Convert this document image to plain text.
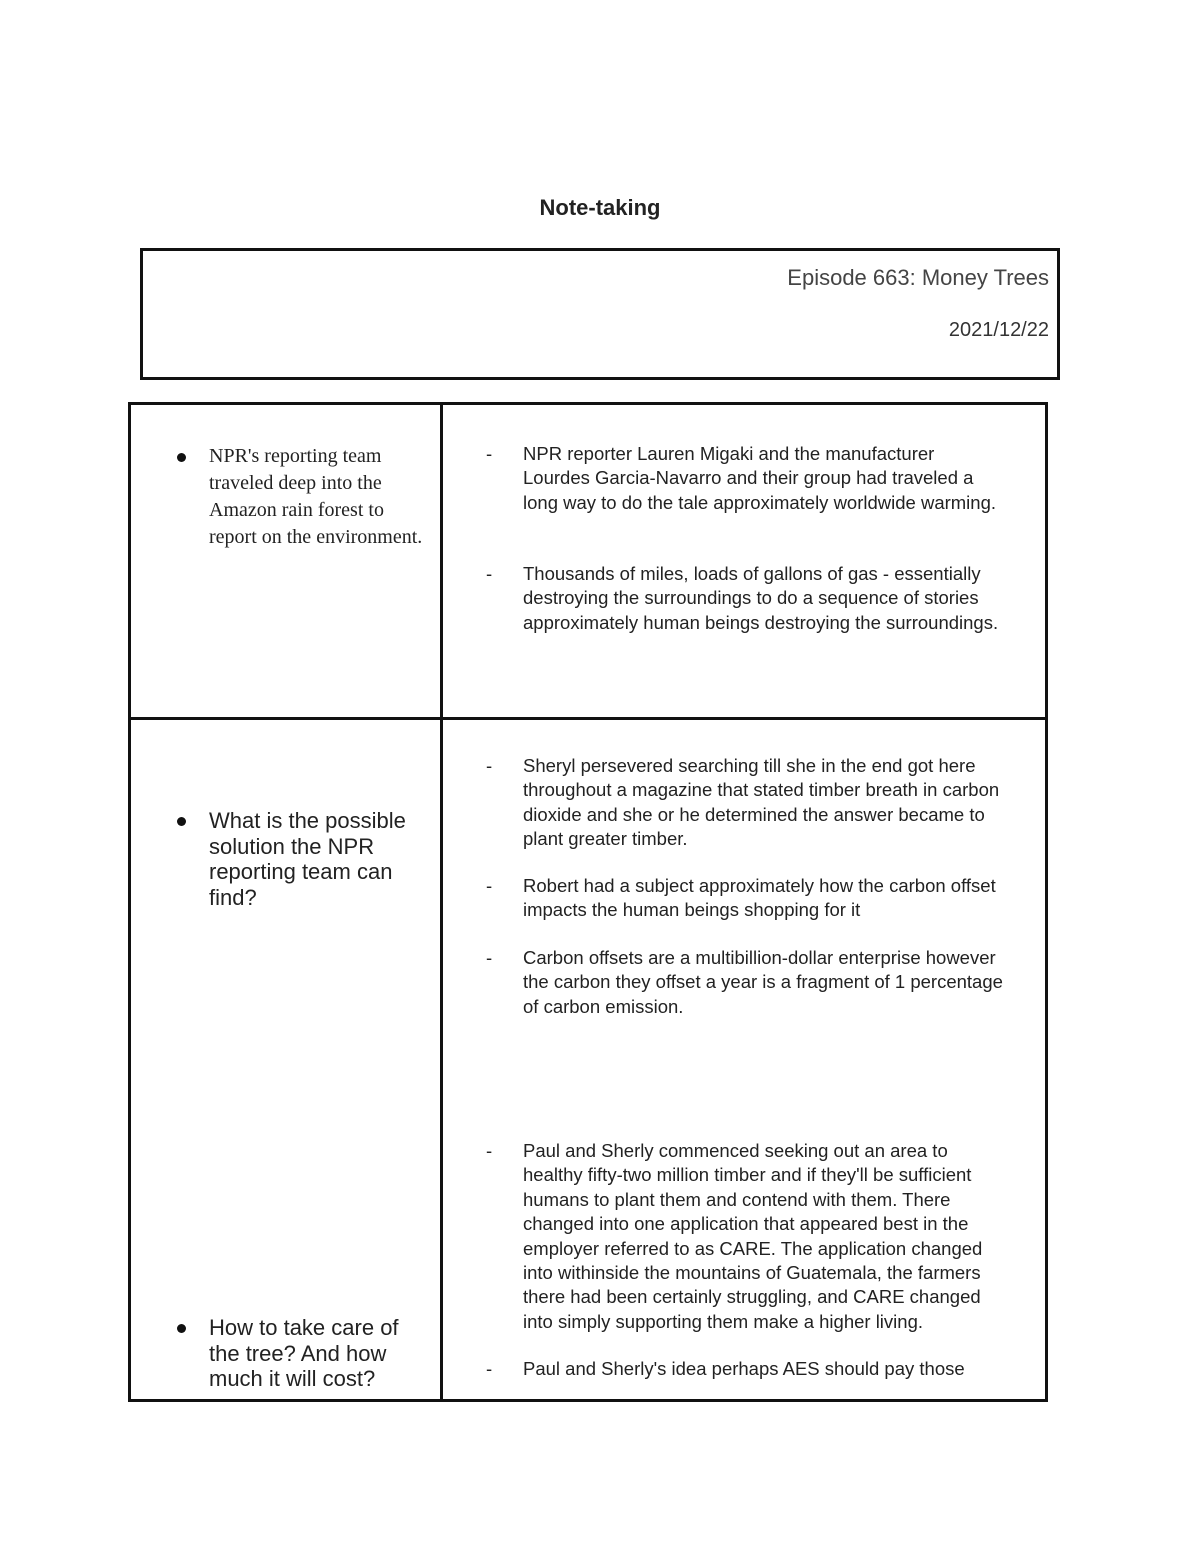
Note-taking
Episode 663: Money Trees
2021/12/22
NPR's reporting team traveled deep into the Amazon rain forest to report on the environment.
What is the possible solution the NPR reporting team can find?
How to take care of the tree? And how much it will cost?
- NPR reporter Lauren Migaki and the manufacturer Lourdes Garcia-Navarro and their group had traveled a long way to do the tale approximately worldwide warming.
- Thousands of miles, loads of gallons of gas - essentially destroying the surroundings to do a sequence of stories approximately human beings destroying the surroundings.
- Sheryl persevered searching till she in the end got here throughout a magazine that stated timber breath in carbon dioxide and she or he determined the answer became to plant greater timber.
- Robert had a subject approximately how the carbon offset impacts the human beings shopping for it
- Carbon offsets are a multibillion-dollar enterprise however the carbon they offset a year is a fragment of 1 percentage of carbon emission.
- Paul and Sherly commenced seeking out an area to healthy fifty-two million timber and if they'll be sufficient humans to plant them and contend with them. There changed into one application that appeared best in the employer referred to as CARE. The application changed into withinside the mountains of Guatemala, the farmers there had been certainly struggling, and CARE changed into simply supporting them make a higher living.
- Paul and Sherly's idea perhaps AES should pay those
